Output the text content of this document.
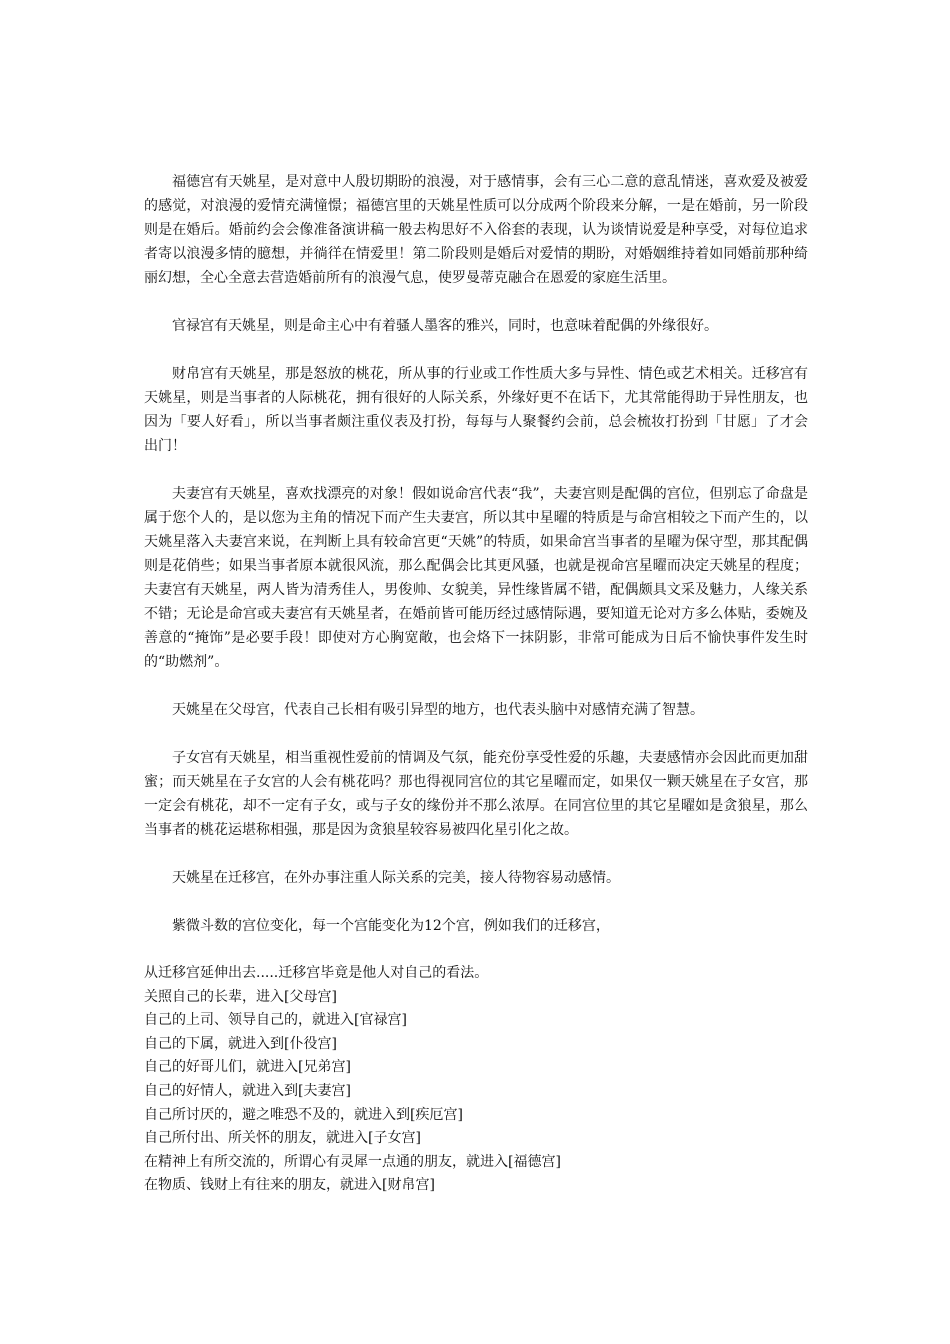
福德宫有天姚星，是对意中人殷切期盼的浪漫，对于感情事，会有三心二意的意乱情迷，喜欢爱及被爱的感觉，对浪漫的爱情充满憧憬；福德宫里的天姚星性质可以分成两个阶段来分解，一是在婚前，另一阶段则是在婚后。婚前约会会像准备演讲稿一般去构思好不入俗套的表现，认为谈情说爱是种享受，对每位追求者寄以浪漫多情的臆想，并徜徉在情爱里！第二阶段则是婚后对爱情的期盼，对婚姻维持着如同婚前那种绮丽幻想，全心全意去营造婚前所有的浪漫气息，使罗曼蒂克融合在恩爱的家庭生活里。

官禄宫有天姚星，则是命主心中有着骚人墨客的雅兴，同时，也意味着配偶的外缘很好。

财帛宫有天姚星，那是怒放的桃花，所从事的行业或工作性质大多与异性、情色或艺术相关。迁移宫有天姚星，则是当事者的人际桃花，拥有很好的人际关系，外缘好更不在话下，尤其常能得助于异性朋友，也因为「要人好看」，所以当事者颇注重仪表及打扮，每每与人聚餐约会前，总会梳妆打扮到「甘愿」了才会出门！

夫妻宫有天姚星，喜欢找漂亮的对象！假如说命宫代表“我”，夫妻宫则是配偶的宫位，但别忘了命盘是属于您个人的，是以您为主角的情况下而产生夫妻宫，所以其中星曜的特质是与命宫相较之下而产生的，以天姚星落入夫妻宫来说，在判断上具有较命宫更“天姚”的特质，如果命宫当事者的星曜为保守型，那其配偶则是花俏些；如果当事者原本就很风流，那么配偶会比其更风骚，也就是视命宫星曜而决定天姚星的程度；夫妻宫有天姚星，两人皆为清秀佳人，男俊帅、女貌美，异性缘皆属不错，配偶颇具文采及魅力，人缘关系不错；无论是命宫或夫妻宫有天姚星者，在婚前皆可能历经过感情际遇，要知道无论对方多么体贴，委婉及善意的“掩饰”是必要手段！即使对方心胸宽敞，也会烙下一抹阴影，非常可能成为日后不愉快事件发生时的“助燃剂”。

天姚星在父母宫，代表自己长相有吸引异型的地方，也代表头脑中对感情充满了智慧。

子女宫有天姚星，相当重视性爱前的情调及气氛，能充份享受性爱的乐趣，夫妻感情亦会因此而更加甜蜜；而天姚星在子女宫的人会有桃花吗？那也得视同宫位的其它星曜而定，如果仅一颗天姚星在子女宫，那一定会有桃花，却不一定有子女，或与子女的缘份并不那么浓厚。在同宫位里的其它星曜如是贪狼星，那么当事者的桃花运堪称相强，那是因为贪狼星较容易被四化星引化之故。

天姚星在迁移宫，在外办事注重人际关系的完美，接人待物容易动感情。

紫微斗数的宫位变化，每一个宫能变化为12个宫，例如我们的迁移宫，

从迁移宫延伸出去.....迁移宫毕竟是他人对自己的看法。
关照自己的长辈，进入[父母宫]
自己的上司、领导自己的，就进入[官禄宫]
自己的下属，就进入到[仆役宫]
自己的好哥儿们，就进入[兄弟宫]
自己的好情人，就进入到[夫妻宫]
自己所讨厌的，避之唯恐不及的，就进入到[疾厄宫]
自己所付出、所关怀的朋友，就进入[子女宫]
在精神上有所交流的，所谓心有灵犀一点通的朋友，就进入[福德宫]
在物质、钱财上有往来的朋友，就进入[财帛宫]
